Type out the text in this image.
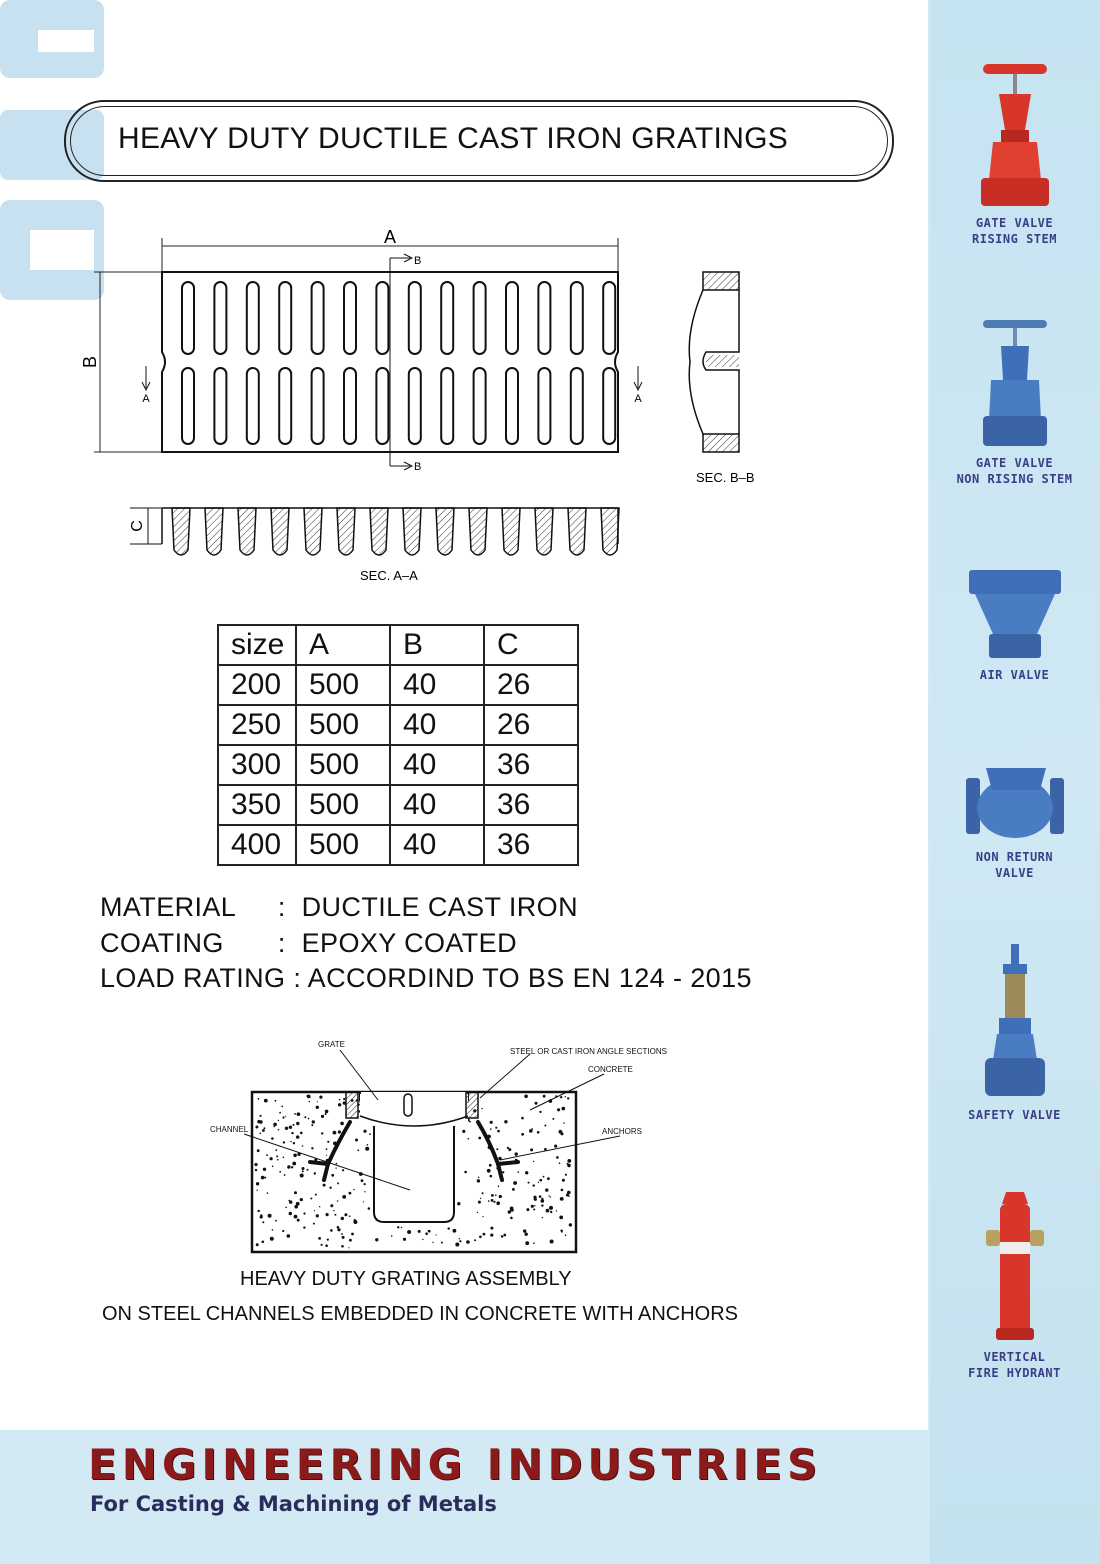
HEAVY DUTY DUCTILE CAST IRON GRATINGS
A
B
B
B
A	A
SEC. B–B
C
SEC. A–A
size	A	B	C
200	500	40	26
250	500	40	26
300	500	40	36
350	500	40	36
400	500	40	36
MATERIAL : DUCTILE CAST IRON
COATING : EPOXY COATED
LOAD RATING : ACCORDIND TO BS EN 124 - 2015
GRATE
STEEL OR CAST IRON ANGLE SECTIONS
CONCRETE
CHANNEL	ANCHORS
HEAVY DUTY GRATING ASSEMBLY
ON STEEL CHANNELS EMBEDDED IN CONCRETE WITH ANCHORS
GATE VALVE
RISING STEM
GATE VALVE
NON RISING STEM
AIR VALVE
NON RETURN
VALVE
SAFETY VALVE
VERTICAL
FIRE HYDRANT
ENGINEERING INDUSTRIES
For Casting & Machining of Metals
